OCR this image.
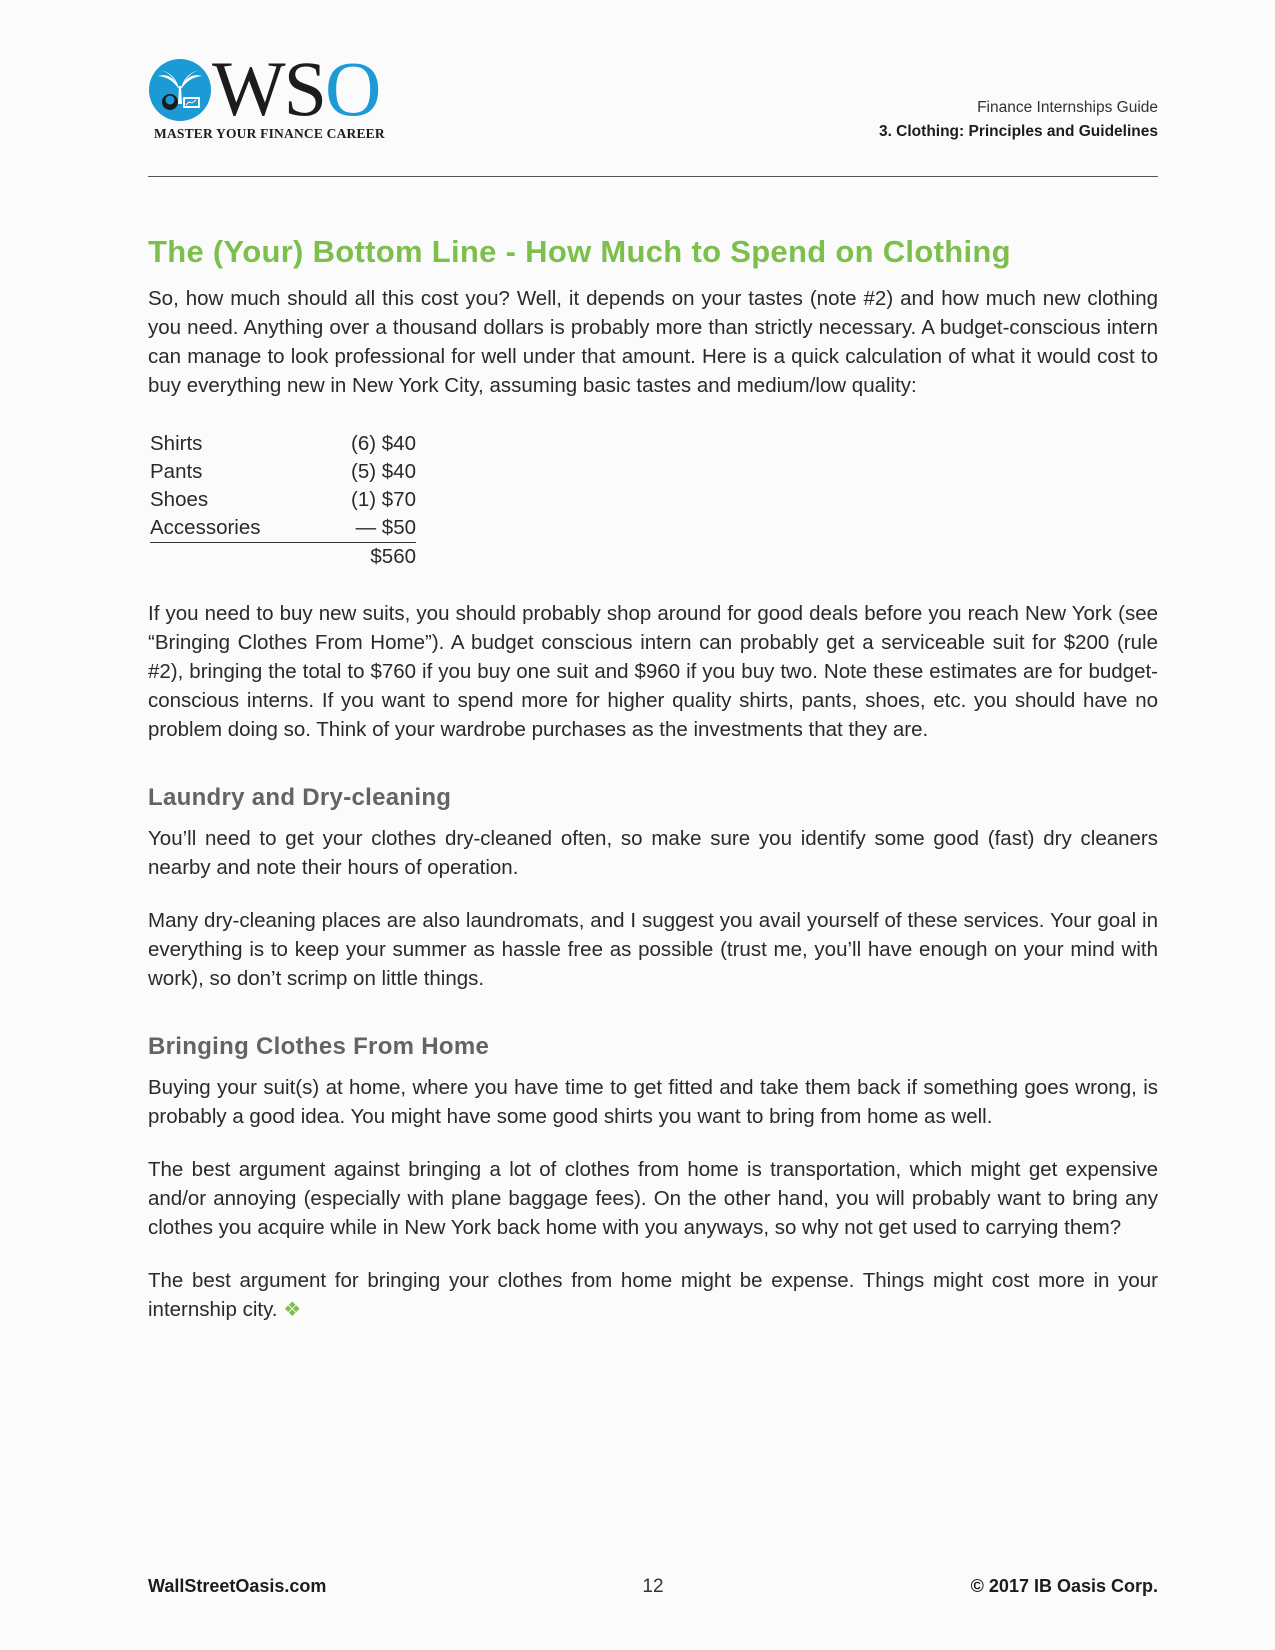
WSO
MASTER YOUR FINANCE CAREER
Finance Internships Guide
3. Clothing: Principles and Guidelines
The (Your) Bottom Line - How Much to Spend on Clothing

So, how much should all this cost you? Well, it depends on your tastes (note #2) and how much new clothing you need. Anything over a thousand dollars is probably more than strictly necessary. A budget-conscious intern can manage to look professional for well under that amount. Here is a quick calculation of what it would cost to buy everything new in New York City, assuming basic tastes and medium/low quality:

Shirts	(6) $40
Pants	(5) $40
Shoes	(1) $70
Accessories	— $50
	$560

If you need to buy new suits, you should probably shop around for good deals before you reach New York (see “Bringing Clothes From Home”). A budget conscious intern can probably get a serviceable suit for $200 (rule #2), bringing the total to $760 if you buy one suit and $960 if you buy two. Note these estimates are for budget-conscious interns. If you want to spend more for higher quality shirts, pants, shoes, etc. you should have no problem doing so. Think of your wardrobe purchases as the investments that they are.

Laundry and Dry-cleaning

You’ll need to get your clothes dry-cleaned often, so make sure you identify some good (fast) dry cleaners nearby and note their hours of operation.

Many dry-cleaning places are also laundromats, and I suggest you avail yourself of these services. Your goal in everything is to keep your summer as hassle free as possible (trust me, you’ll have enough on your mind with work), so don’t scrimp on little things.

Bringing Clothes From Home

Buying your suit(s) at home, where you have time to get fitted and take them back if something goes wrong, is probably a good idea. You might have some good shirts you want to bring from home as well.

The best argument against bringing a lot of clothes from home is transportation, which might get expensive and/or annoying (especially with plane baggage fees). On the other hand, you will probably want to bring any clothes you acquire while in New York back home with you anyways, so why not get used to carrying them?

The best argument for bringing your clothes from home might be expense. Things might cost more in your internship city. ❖

WallStreetOasis.com	12	© 2017 IB Oasis Corp.
